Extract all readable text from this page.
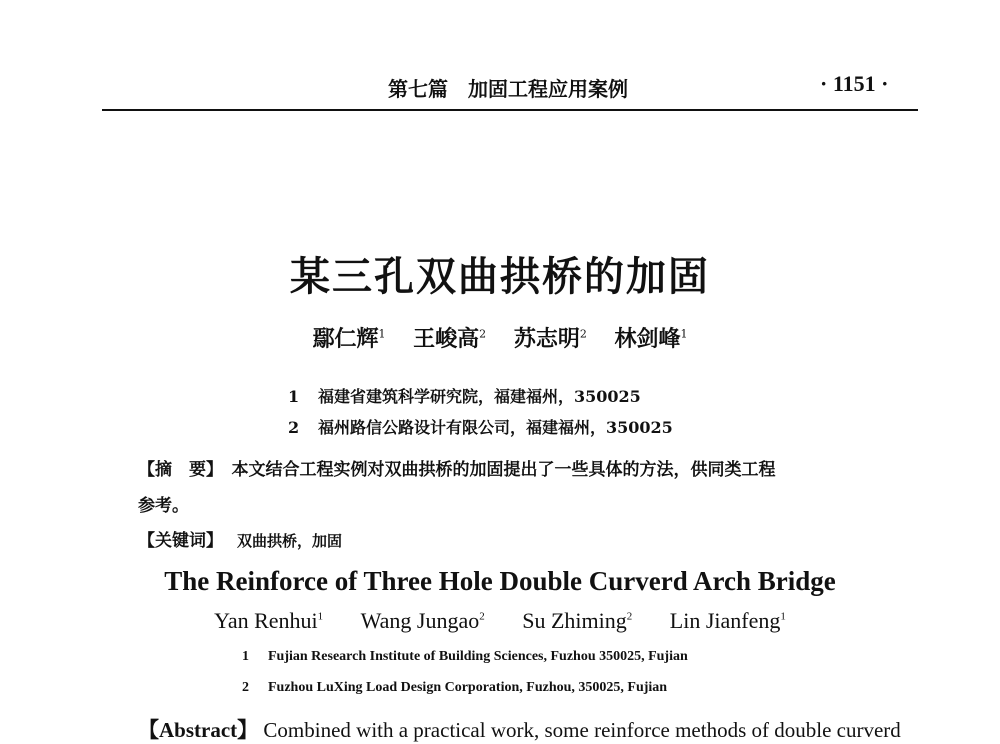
第七篇　加固工程应用案例	· 1151 ·
某三孔双曲拱桥的加固
鄢仁辉$^1$ 王峻高$^2$ 苏志明$^2$ 林剑峰$^1$
1 福建省建筑科学研究院，福建福州，350025
2 福州路信公路设计有限公司，福建福州，350025
【摘　要】　 本文结合工程实例对双曲拱桥的加固提出了一些具体的方法，供同类工程
参考。
【关键词】 双曲拱桥，加固
The Reinforce of Three Hole Double Curverd Arch Bridge
Yan Renhui$^1$ Wang Jungao$^2$ Su Zhiming$^2$ Lin Jianfeng$^1$
1 Fujian Research Institute of Building Sciences, Fuzhou 350025, Fujian
2 Fuzhou LuXing Load Design Corporation, Fuzhou, 350025, Fujian
【Abstract】 Combined with a practical work, some reinforce methods of double curverd
